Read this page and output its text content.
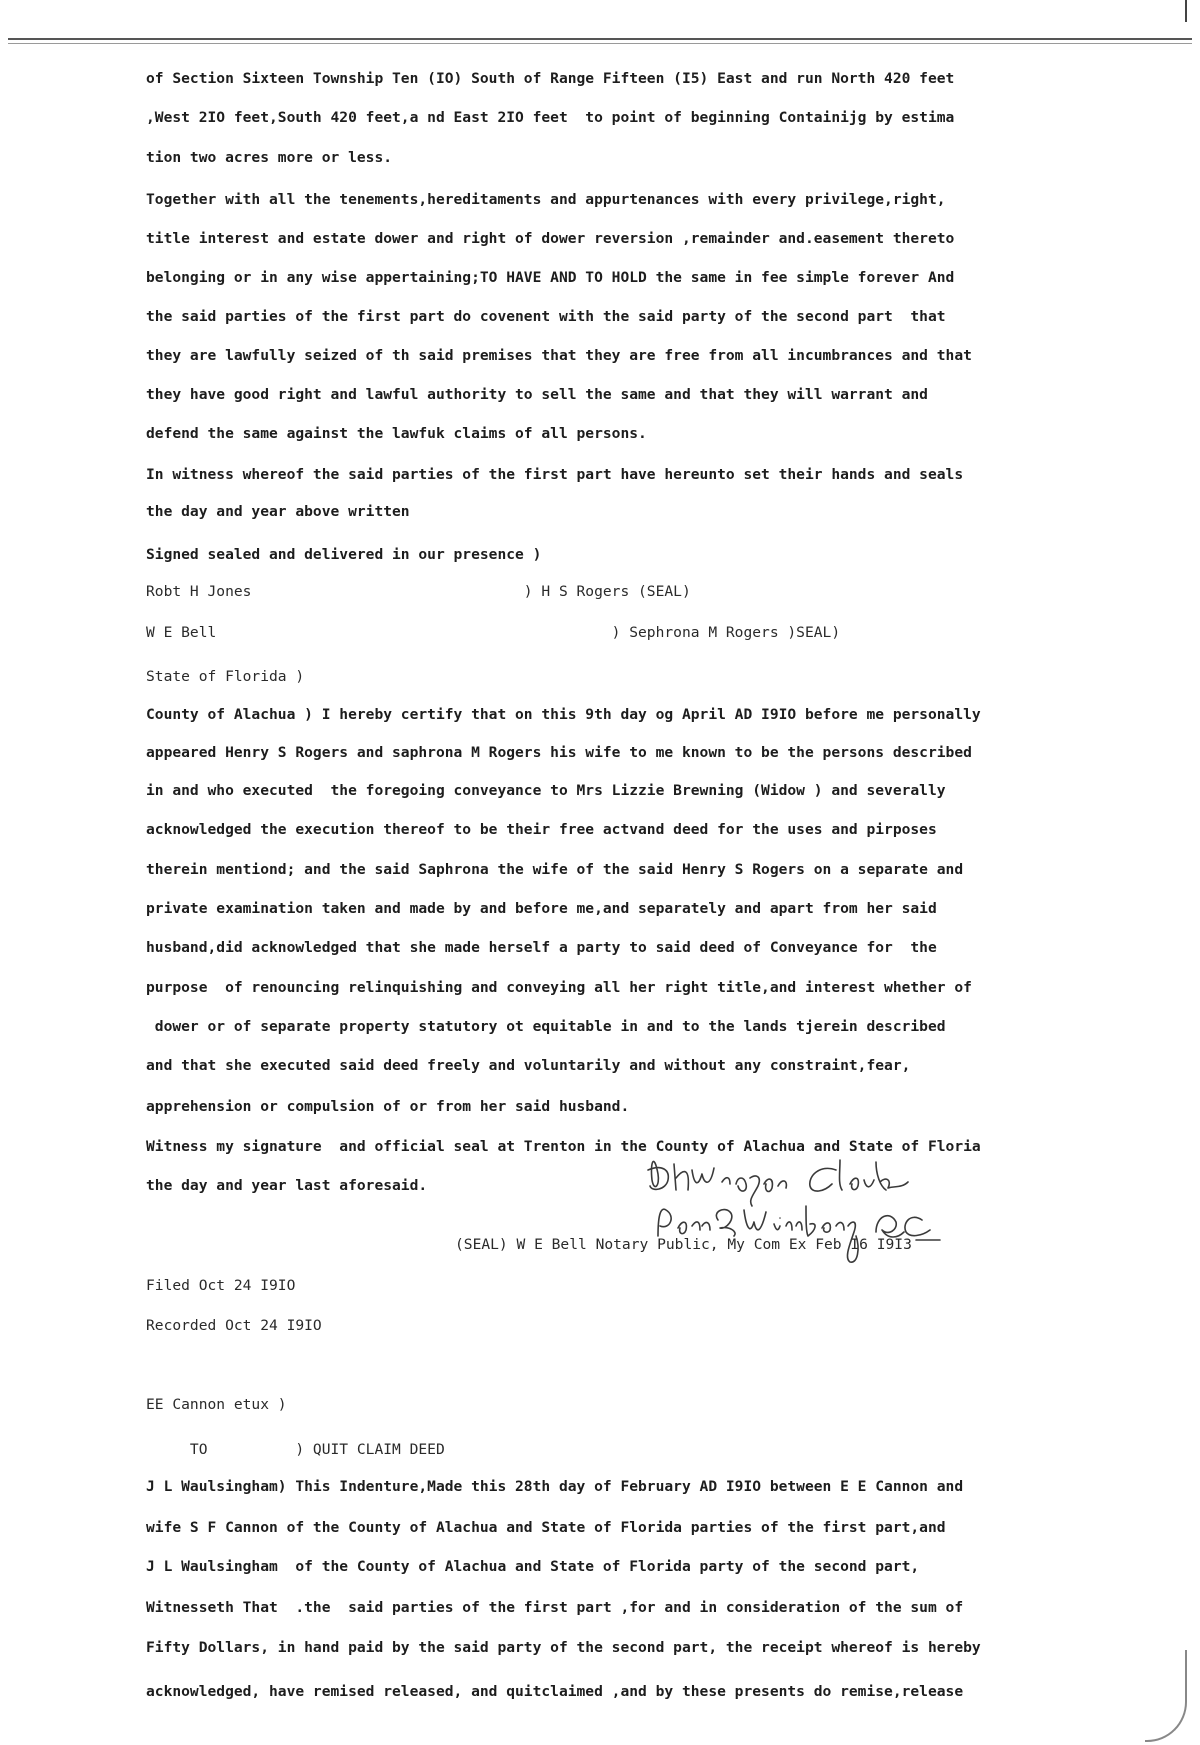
of Section Sixteen Township Ten (IO) South of Range Fifteen (I5) East and run North 420 feet
,West 2IO feet,South 420 feet,a nd East 2IO feet  to point of beginning Containijg by estima
tion two acres more or less.
Together with all the tenements,hereditaments and appurtenances with every privilege,right,
title interest and estate dower and right of dower reversion ,remainder and.easement thereto
belonging or in any wise appertaining;TO HAVE AND TO HOLD the same in fee simple forever And
the said parties of the first part do covenent with the said party of the second part  that
they are lawfully seized of th said premises that they are free from all incumbrances and that
they have good right and lawful authority to sell the same and that they will warrant and
defend the same against the lawfuk claims of all persons.
In witness whereof the said parties of the first part have hereunto set their hands and seals
the day and year above written
Signed sealed and delivered in our presence )
Robt H Jones                               ) H S Rogers (SEAL)
W E Bell                                             ) Sephrona M Rogers )SEAL)
State of Florida )
County of Alachua ) I hereby certify that on this 9th day og April AD I9IO before me personally
appeared Henry S Rogers and saphrona M Rogers his wife to me known to be the persons described
in and who executed  the foregoing conveyance to Mrs Lizzie Brewning (Widow ) and severally
acknowledged the execution thereof to be their free actvand deed for the uses and pirposes
therein mentiond; and the said Saphrona the wife of the said Henry S Rogers on a separate and
private examination taken and made by and before me,and separately and apart from her said
husband,did acknowledged that she made herself a party to said deed of Conveyance for  the
purpose  of renouncing relinquishing and conveying all her right title,and interest whether of
dower or of separate property statutory ot equitable in and to the lands tjerein described
and that she executed said deed freely and voluntarily and without any constraint,fear,
apprehension or compulsion of or from her said husband.
Witness my signature  and official seal at Trenton in the County of Alachua and State of Floria
the day and year last aforesaid.
(SEAL) W E Bell Notary Public, My Com Ex Feb I6 I9I3
Filed Oct 24 I9IO
Recorded Oct 24 I9IO
EE Cannon etux )
TO          ) QUIT CLAIM DEED
J L Waulsingham) This Indenture,Made this 28th day of February AD I9IO between E E Cannon and
wife S F Cannon of the County of Alachua and State of Florida parties of the first part,and
J L Waulsingham  of the County of Alachua and State of Florida party of the second part,
Witnesseth That  .the  said parties of the first part ,for and in consideration of the sum of
Fifty Dollars, in hand paid by the said party of the second part, the receipt whereof is hereby
acknowledged, have remised released, and quitclaimed ,and by these presents do remise,release
